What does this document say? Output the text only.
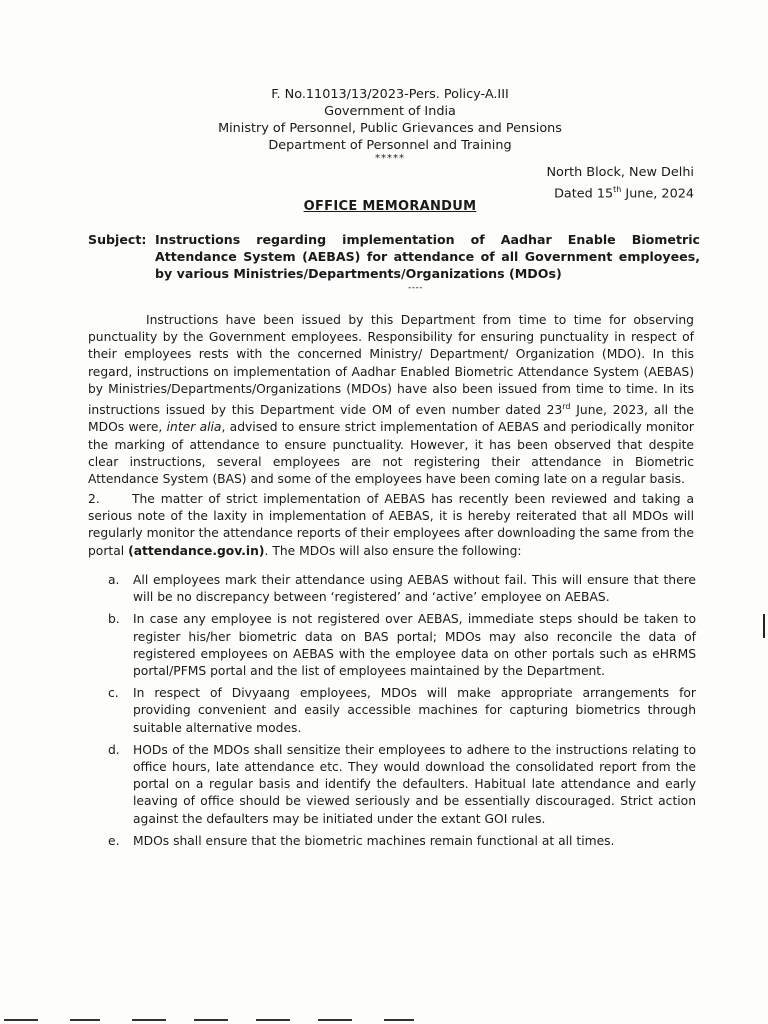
F. No.11013/13/2023-Pers. Policy-A.III
Government of India
Ministry of Personnel, Public Grievances and Pensions
Department of Personnel and Training
*****
North Block, New Delhi
Dated 15th June, 2024
OFFICE MEMORANDUM
Subject: Instructions regarding implementation of Aadhar Enable Biometric Attendance System (AEBAS) for attendance of all Government employees, by various Ministries/Departments/Organizations (MDOs)
----
Instructions have been issued by this Department from time to time for observing punctuality by the Government employees. Responsibility for ensuring punctuality in respect of their employees rests with the concerned Ministry/ Department/ Organization (MDO). In this regard, instructions on implementation of Aadhar Enabled Biometric Attendance System (AEBAS) by Ministries/Departments/Organizations (MDOs) have also been issued from time to time. In its instructions issued by this Department vide OM of even number dated 23rd June, 2023, all the MDOs were, inter alia, advised to ensure strict implementation of AEBAS and periodically monitor the marking of attendance to ensure punctuality. However, it has been observed that despite clear instructions, several employees are not registering their attendance in Biometric Attendance System (BAS) and some of the employees have been coming late on a regular basis.
2.	The matter of strict implementation of AEBAS has recently been reviewed and taking a serious note of the laxity in implementation of AEBAS, it is hereby reiterated that all MDOs will regularly monitor the attendance reports of their employees after downloading the same from the portal (attendance.gov.in). The MDOs will also ensure the following:
a. All employees mark their attendance using AEBAS without fail. This will ensure that there will be no discrepancy between ‘registered’ and ‘active’ employee on AEBAS.
b. In case any employee is not registered over AEBAS, immediate steps should be taken to register his/her biometric data on BAS portal; MDOs may also reconcile the data of registered employees on AEBAS with the employee data on other portals such as eHRMS portal/PFMS portal and the list of employees maintained by the Department.
c. In respect of Divyaang employees, MDOs will make appropriate arrangements for providing convenient and easily accessible machines for capturing biometrics through suitable alternative modes.
d. HODs of the MDOs shall sensitize their employees to adhere to the instructions relating to office hours, late attendance etc. They would download the consolidated report from the portal on a regular basis and identify the defaulters. Habitual late attendance and early leaving of office should be viewed seriously and be essentially discouraged. Strict action against the defaulters may be initiated under the extant GOI rules.
e. MDOs shall ensure that the biometric machines remain functional at all times.
